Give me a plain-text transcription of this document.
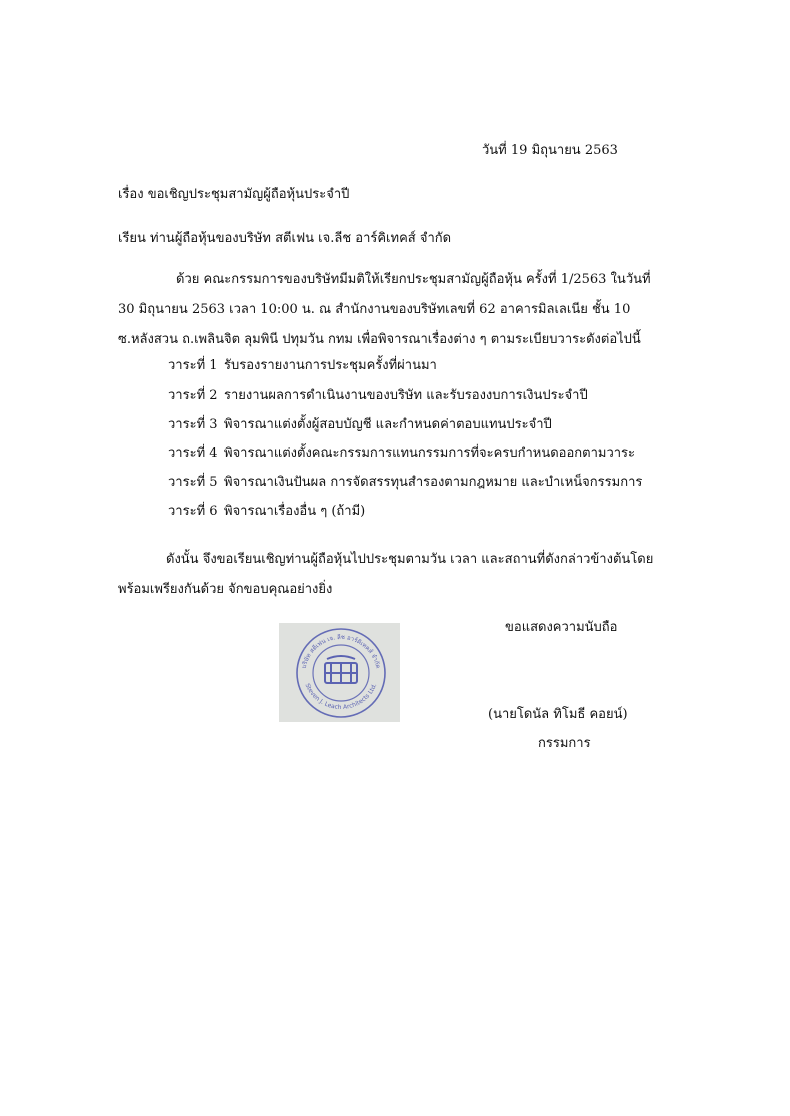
วันที่ 19 มิถุนายน 2563
เรื่อง ขอเชิญประชุมสามัญผู้ถือหุ้นประจำปี
เรียน ท่านผู้ถือหุ้นของบริษัท สตีเฟน เจ.ลีช อาร์คิเทคส์ จำกัด
ด้วย คณะกรรมการของบริษัทมีมติให้เรียกประชุมสามัญผู้ถือหุ้น ครั้งที่ 1/2563 ในวันที่ 30 มิถุนายน 2563 เวลา 10:00 น. ณ สำนักงานของบริษัทเลขที่ 62 อาคารมิลเลเนีย ชั้น 10 ซ.หลังสวน ถ.เพลินจิต ลุมพินี ปทุมวัน กทม เพื่อพิจารณาเรื่องต่าง ๆ ตามระเบียบวาระดังต่อไปนี้
วาระที่ 1 รับรองรายงานการประชุมครั้งที่ผ่านมา
วาระที่ 2 รายงานผลการดำเนินงานของบริษัท และรับรองงบการเงินประจำปี
วาระที่ 3 พิจารณาแต่งตั้งผู้สอบบัญชี และกำหนดค่าตอบแทนประจำปี
วาระที่ 4 พิจารณาแต่งตั้งคณะกรรมการแทนกรรมการที่จะครบกำหนดออกตามวาระ
วาระที่ 5 พิจารณาเงินปันผล การจัดสรรทุนสำรองตามกฎหมาย และบำเหน็จกรรมการ
วาระที่ 6 พิจารณาเรื่องอื่น ๆ (ถ้ามี)
ดังนั้น จึงขอเรียนเชิญท่านผู้ถือหุ้นไปประชุมตามวัน เวลา และสถานที่ดังกล่าวข้างต้นโดยพร้อมเพรียงกันด้วย จักขอบคุณอย่างยิ่ง
ขอแสดงความนับถือ
บริษัท สตีเฟน เจ. ลีช อาร์คิเทคส์ จำกัด
Steven J. Leach Architects Ltd.
(นายโดนัล ทิโมธี คอยน์)
กรรมการ
